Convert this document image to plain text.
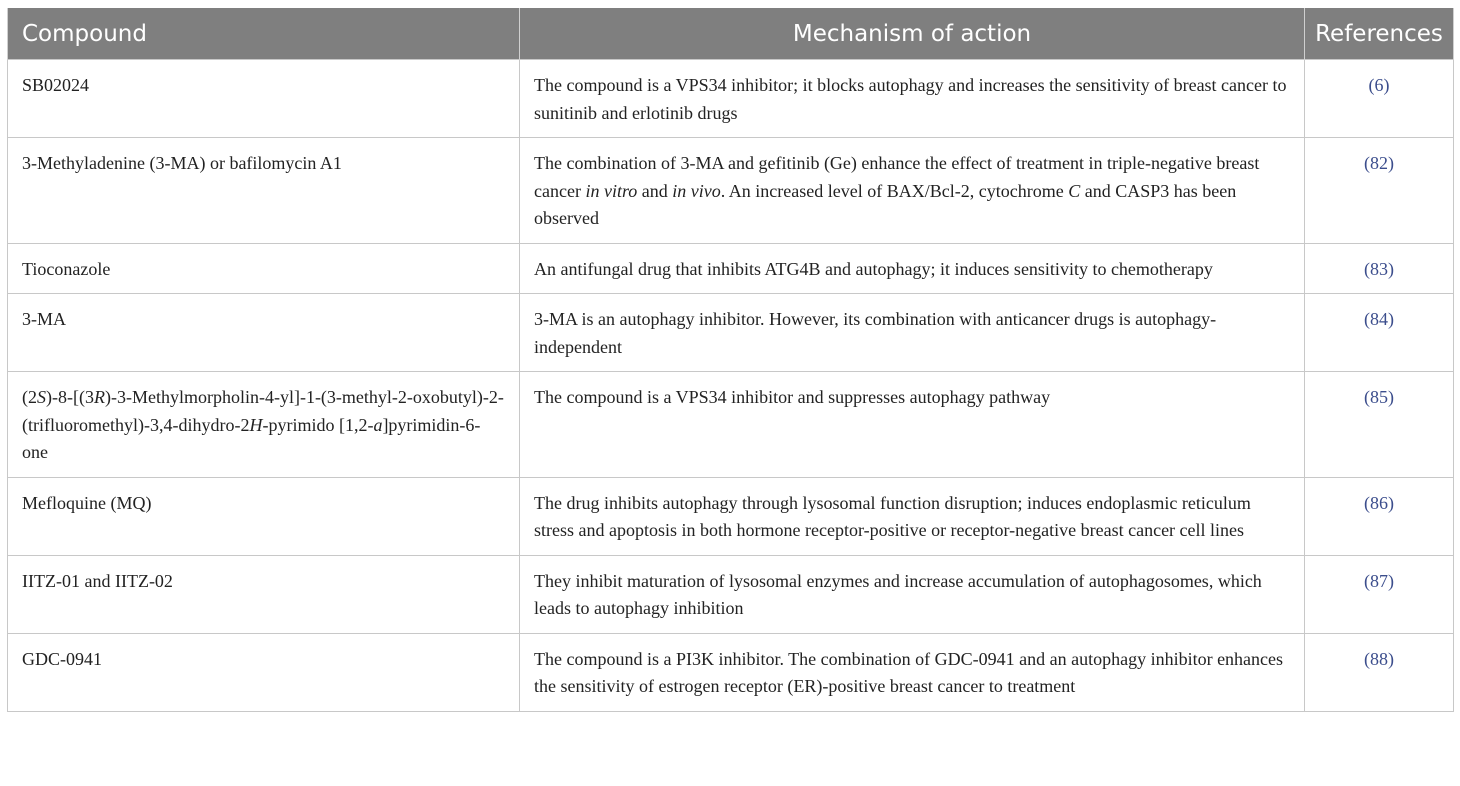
Compound	Mechanism of action	References
SB02024	The compound is a VPS34 inhibitor; it blocks autophagy and increases the sensitivity of breast cancer to sunitinib and erlotinib drugs	(6)
3-Methyladenine (3-MA) or bafilomycin A1	The combination of 3-MA and gefitinib (Ge) enhance the effect of treatment in triple-negative breast cancer in vitro and in vivo. An increased level of BAX/Bcl-2, cytochrome C and CASP3 has been observed	(82)
Tioconazole	An antifungal drug that inhibits ATG4B and autophagy; it induces sensitivity to chemotherapy	(83)
3-MA	3-MA is an autophagy inhibitor. However, its combination with anticancer drugs is autophagy-independent	(84)
(2S)-8-[(3R)-3-Methylmorpholin-4-yl]-1-(3-methyl-2-oxobutyl)-2-(trifluoromethyl)-3,4-dihydro-2H-pyrimido [1,2-a]pyrimidin-6-one	The compound is a VPS34 inhibitor and suppresses autophagy pathway	(85)
Mefloquine (MQ)	The drug inhibits autophagy through lysosomal function disruption; induces endoplasmic reticulum stress and apoptosis in both hormone receptor-positive or receptor-negative breast cancer cell lines	(86)
IITZ-01 and IITZ-02	They inhibit maturation of lysosomal enzymes and increase accumulation of autophagosomes, which leads to autophagy inhibition	(87)
GDC-0941	The compound is a PI3K inhibitor. The combination of GDC-0941 and an autophagy inhibitor enhances the sensitivity of estrogen receptor (ER)-positive breast cancer to treatment	(88)
